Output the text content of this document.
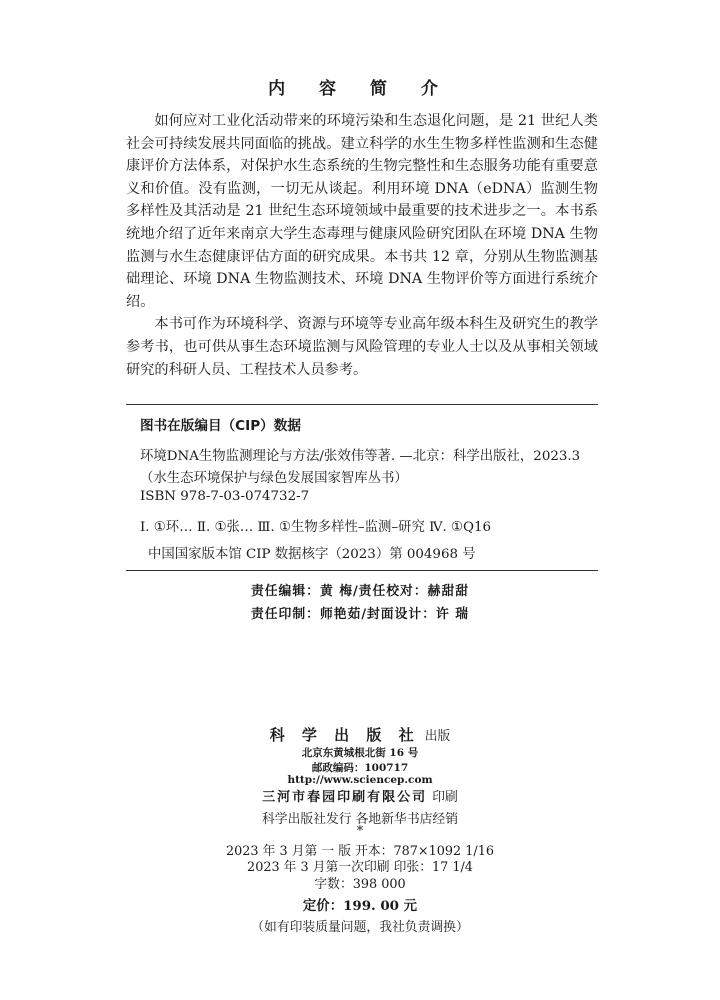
内 容 简 介

如何应对工业化活动带来的环境污染和生态退化问题，是 21 世纪人类社会可持续发展共同面临的挑战。建立科学的水生生物多样性监测和生态健康评价方法体系，对保护水生态系统的生物完整性和生态服务功能有重要意义和价值。没有监测，一切无从谈起。利用环境 DNA（eDNA）监测生物多样性及其活动是 21 世纪生态环境领域中最重要的技术进步之一。本书系统地介绍了近年来南京大学生态毒理与健康风险研究团队在环境 DNA 生物监测与水生态健康评估方面的研究成果。本书共 12 章，分别从生物监测基础理论、环境 DNA 生物监测技术、环境 DNA 生物评价等方面进行系统介绍。

本书可作为环境科学、资源与环境等专业高年级本科生及研究生的教学参考书，也可供从事生态环境监测与风险管理的专业人士以及从事相关领域研究的科研人员、工程技术人员参考。

图书在版编目（CIP）数据
环境DNA生物监测理论与方法/张效伟等著. —北京：科学出版社，2023.3
（水生态环境保护与绿色发展国家智库丛书）
ISBN 978-7-03-074732-7
Ⅰ. ①环… Ⅱ. ①张… Ⅲ. ①生物多样性–监测–研究 Ⅳ. ①Q16
中国国家版本馆 CIP 数据核字（2023）第 004968 号
责任编辑：黄 梅/责任校对：赫甜甜
责任印制：师艳茹/封面设计：许 瑞
科 学 出 版 社 出版
北京东黄城根北街 16 号
邮政编码：100717
http://www.sciencep.com
三河市春园印刷有限公司 印刷
科学出版社发行 各地新华书店经销
*
2023 年 3 月第 一 版 开本：787×1092 1/16
2023 年 3 月第一次印刷 印张：17 1/4
字数：398 000
定价：199. 00 元
（如有印装质量问题，我社负责调换）
